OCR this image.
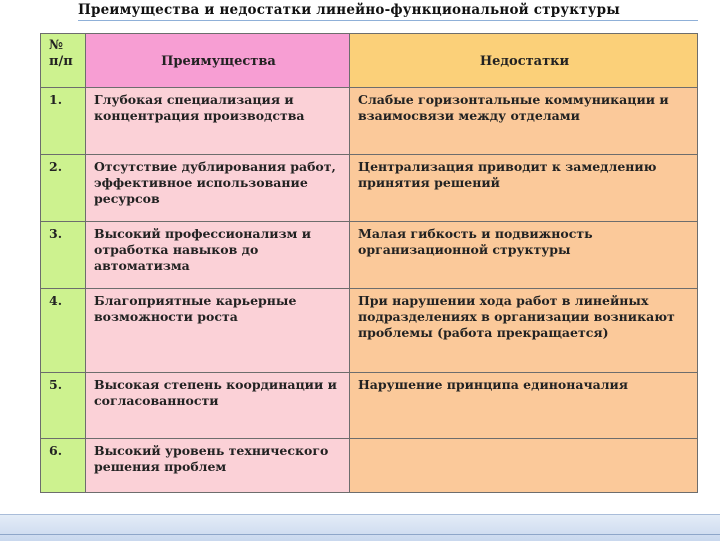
Преимущества и недостатки линейно-функциональной структуры
№ п/п	Преимущества	Недостатки
1.	Глубокая специализация и концентрация производства	Слабые горизонтальные коммуникации и взаимосвязи между отделами
2.	Отсутствие дублирования работ, эффективное использование ресурсов	Централизация приводит к замедлению принятия решений
3.	Высокий профессионализм и отработка навыков до автоматизма	Малая гибкость и подвижность организационной структуры
4.	Благоприятные карьерные возможности роста	При нарушении хода работ в линейных подразделениях в организации возникают проблемы (работа прекращается)
5.	Высокая степень координации и согласованности	Нарушение принципа единоначалия
6.	Высокий уровень технического решения проблем	
